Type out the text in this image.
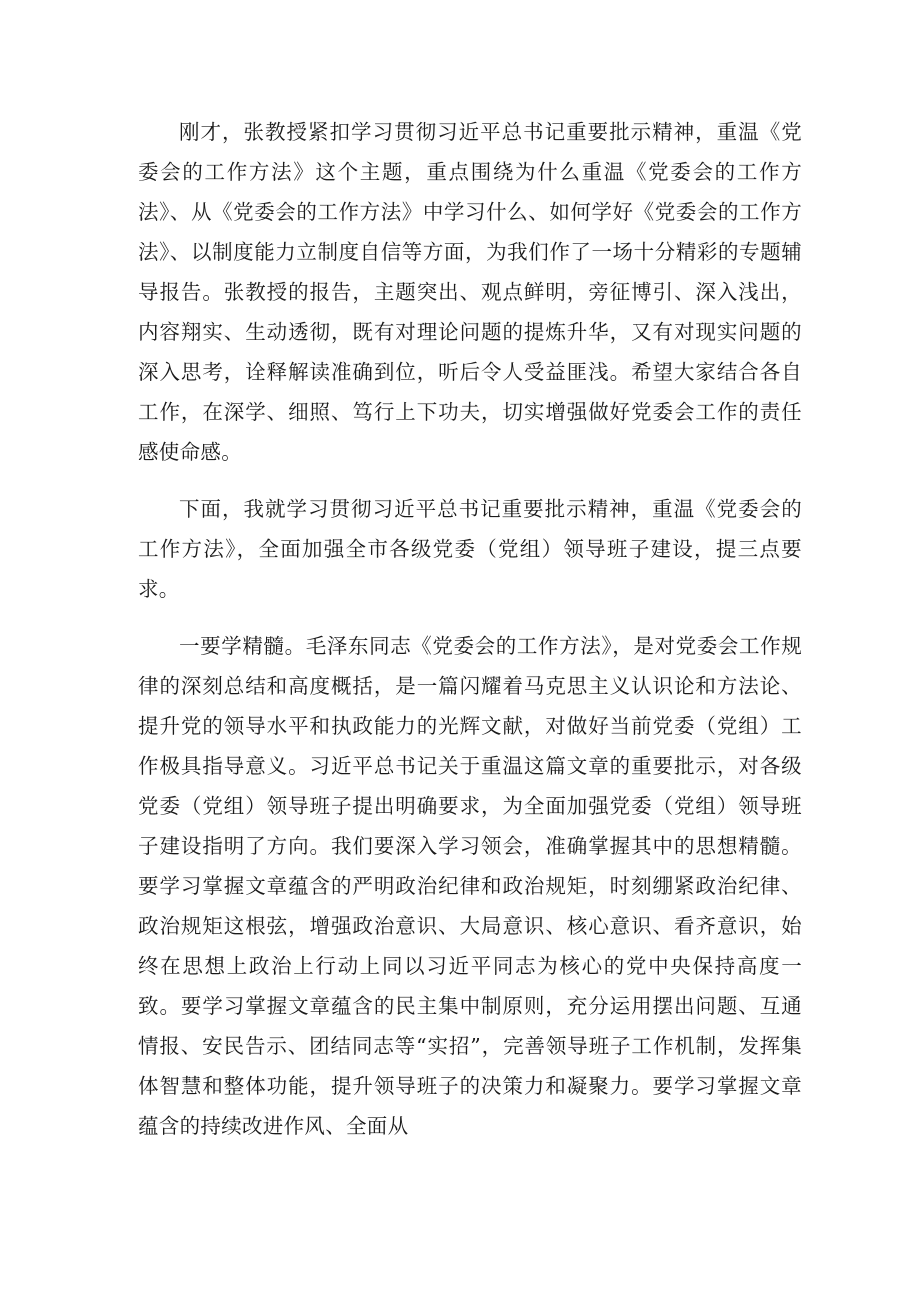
刚才，张教授紧扣学习贯彻习近平总书记重要批示精神，重温《党委会的工作方法》这个主题，重点围绕为什么重温《党委会的工作方法》、从《党委会的工作方法》中学习什么、如何学好《党委会的工作方法》、以制度能力立制度自信等方面，为我们作了一场十分精彩的专题辅导报告。张教授的报告，主题突出、观点鲜明，旁征博引、深入浅出，内容翔实、生动透彻，既有对理论问题的提炼升华，又有对现实问题的深入思考，诠释解读准确到位，听后令人受益匪浅。希望大家结合各自工作，在深学、细照、笃行上下功夫，切实增强做好党委会工作的责任感使命感。

下面，我就学习贯彻习近平总书记重要批示精神，重温《党委会的工作方法》，全面加强全市各级党委（党组）领导班子建设，提三点要求。

一要学精髓。毛泽东同志《党委会的工作方法》，是对党委会工作规律的深刻总结和高度概括，是一篇闪耀着马克思主义认识论和方法论、提升党的领导水平和执政能力的光辉文献，对做好当前党委（党组）工作极具指导意义。习近平总书记关于重温这篇文章的重要批示，对各级党委（党组）领导班子提出明确要求，为全面加强党委（党组）领导班子建设指明了方向。我们要深入学习领会，准确掌握其中的思想精髓。要学习掌握文章蕴含的严明政治纪律和政治规矩，时刻绷紧政治纪律、政治规矩这根弦，增强政治意识、大局意识、核心意识、看齐意识，始终在思想上政治上行动上同以习近平同志为核心的党中央保持高度一致。要学习掌握文章蕴含的民主集中制原则，充分运用摆出问题、互通情报、安民告示、团结同志等“实招”，完善领导班子工作机制，发挥集体智慧和整体功能，提升领导班子的决策力和凝聚力。要学习掌握文章蕴含的持续改进作风、全面从
